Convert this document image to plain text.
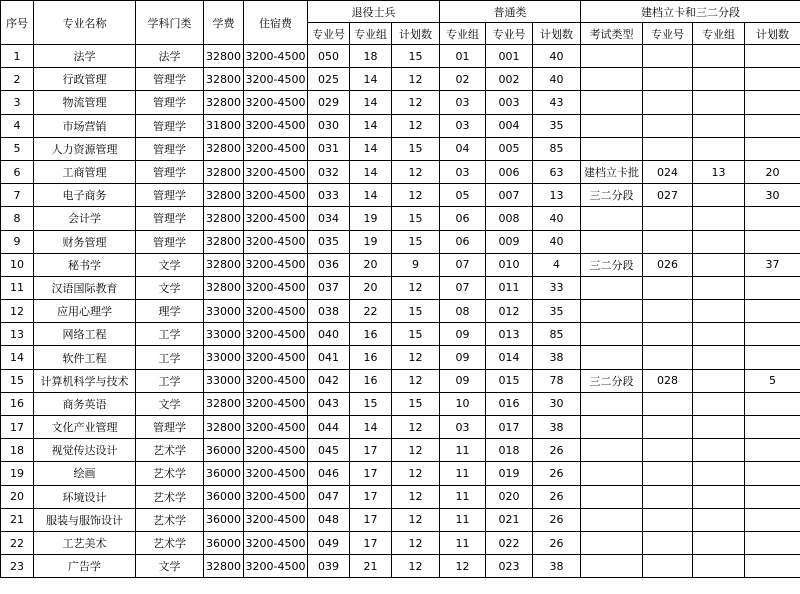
序号	专业名称	学科门类	学费	住宿费	退役士兵			普通类			建档立卡和三二分段			
					专业号	专业组	计划数	专业组	专业号	计划数	考试类型	专业号	专业组	计划数
1	法学	法学	32800	3200-4500	050	18	15	01	001	40				
2	行政管理	管理学	32800	3200-4500	025	14	12	02	002	40				
3	物流管理	管理学	32800	3200-4500	029	14	12	03	003	43				
4	市场营销	管理学	31800	3200-4500	030	14	12	03	004	35				
5	人力资源管理	管理学	32800	3200-4500	031	14	15	04	005	85				
6	工商管理	管理学	32800	3200-4500	032	14	12	03	006	63	建档立卡批	024	13	20
7	电子商务	管理学	32800	3200-4500	033	14	12	05	007	13	三二分段	027		30
8	会计学	管理学	32800	3200-4500	034	19	15	06	008	40				
9	财务管理	管理学	32800	3200-4500	035	19	15	06	009	40				
10	秘书学	文学	32800	3200-4500	036	20	9	07	010	4	三二分段	026		37
11	汉语国际教育	文学	32800	3200-4500	037	20	12	07	011	33				
12	应用心理学	理学	33000	3200-4500	038	22	15	08	012	35				
13	网络工程	工学	33000	3200-4500	040	16	15	09	013	85				
14	软件工程	工学	33000	3200-4500	041	16	12	09	014	38				
15	计算机科学与技术	工学	33000	3200-4500	042	16	12	09	015	78	三二分段	028		5
16	商务英语	文学	32800	3200-4500	043	15	15	10	016	30				
17	文化产业管理	管理学	32800	3200-4500	044	14	12	03	017	38				
18	视觉传达设计	艺术学	36000	3200-4500	045	17	12	11	018	26				
19	绘画	艺术学	36000	3200-4500	046	17	12	11	019	26				
20	环境设计	艺术学	36000	3200-4500	047	17	12	11	020	26				
21	服装与服饰设计	艺术学	36000	3200-4500	048	17	12	11	021	26				
22	工艺美术	艺术学	36000	3200-4500	049	17	12	11	022	26				
23	广告学	文学	32800	3200-4500	039	21	12	12	023	38				
